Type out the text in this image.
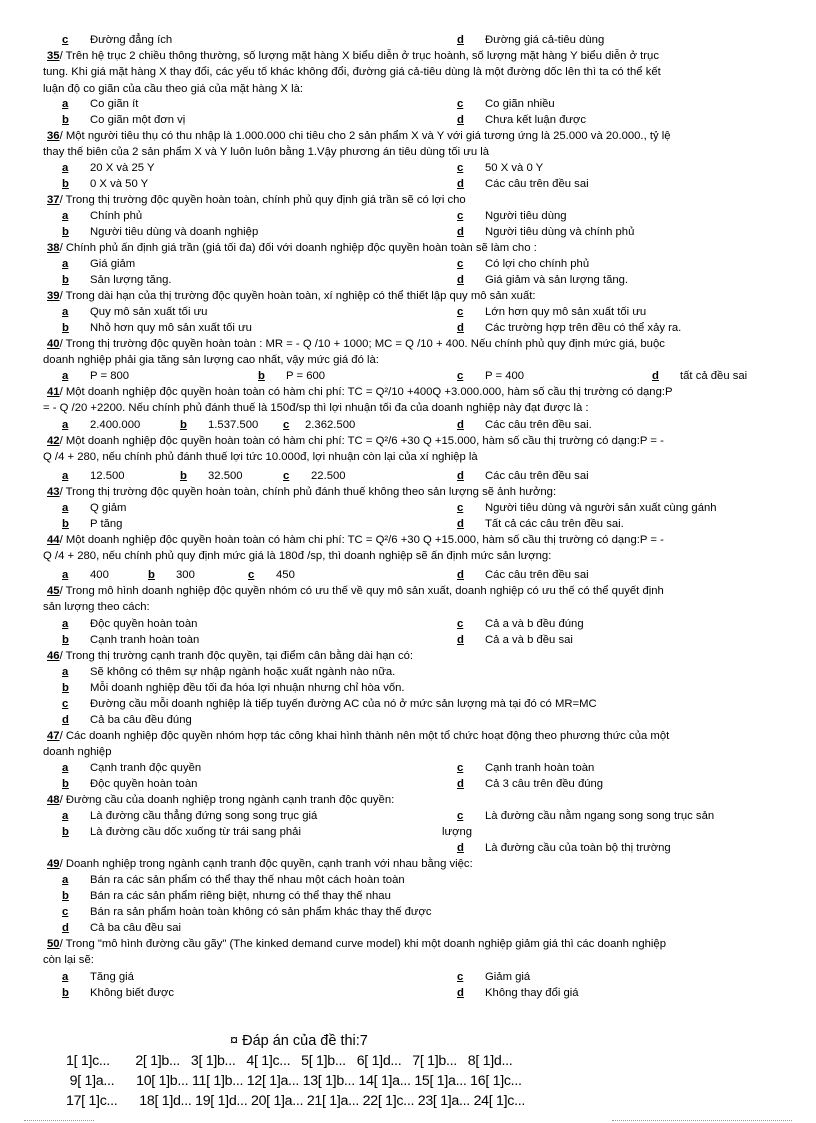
c Đường đẳng ích	d Đường giá cả-tiêu dùng
35/ Trên hệ trục 2 chiều thông thường, số lượng mặt hàng X biểu diễn ở trục hoành, số lượng mặt hàng Y biểu diễn ở trục
tung. Khi giá mặt hàng X thay đổi, các yếu tố khác không đổi, đường giá cả-tiêu dùng là một đường dốc lên thì ta có thể kết
luận độ co giãn của cầu theo giá của mặt hàng X là:
a Co giãn ít	c Co giãn nhiều
b Co giãn một đơn vị	d Chưa kết luận được
36/ Một người tiêu thụ có thu nhập là 1.000.000 chi tiêu cho 2 sản phẩm X và Y với giá tương ứng là 25.000 và 20.000., tỷ lệ
thay thế biên của 2 sản phẩm X và Y luôn luôn bằng 1.Vậy phương án tiêu dùng tối ưu là
a 20 X và 25 Y	c 50 X và 0 Y
b 0 X và 50 Y	d Các câu trên đều sai
37/ Trong thị trường độc quyền hoàn toàn, chính phủ quy định giá trần sẽ có lợi cho
a Chính phủ	c Người tiêu dùng
b Người tiêu dùng và doanh nghiệp	d Người tiêu dùng và chính phủ
38/ Chính phủ ấn định giá trần (giá tối đa) đối với doanh nghiệp độc quyền hoàn toàn sẽ làm cho :
a Giá giảm	c Có lợi cho chính phủ
b Sản lượng tăng.	d Giá giảm và sản lượng tăng.
39/ Trong dài hạn của thị trường độc quyền hoàn toàn, xí nghiệp có thể thiết lập quy mô sản xuất:
a Quy mô sản xuất tối ưu	c Lớn hơn quy mô sản xuất tối ưu
b Nhỏ hơn quy mô sản xuất tối ưu	d Các trường hợp trên đều có thể xảy ra.
40/ Trong thị trường độc quyền hoàn toàn : MR = - Q /10 + 1000; MC = Q /10 + 400. Nếu chính phủ quy định mức giá, buộc
doanh nghiệp phải gia tăng sản lượng cao nhất, vậy mức giá đó là:
a P = 800	b P = 600	c P = 400	d tất cả đều sai
41/ Một doanh nghiệp độc quyền hoàn toàn có hàm chi phí: TC = Q²/10 +400Q +3.000.000, hàm số cầu thị trường có dạng:P
= - Q /20 +2200. Nếu chính phủ đánh thuế là 150đ/sp thì lợi nhuận tối đa của doanh nghiệp này đạt được là :
a 2.400.000	b 1.537.500 c 2.362.500	d Các câu trên đều sai.
42/ Một doanh nghiệp độc quyền hoàn toàn có hàm chi phí: TC = Q²/6 +30 Q +15.000, hàm số cầu thị trường có dạng:P = -
Q /4 + 280, nếu chính phủ đánh thuế lợi tức 10.000đ, lợi nhuận còn lại của xí nghiệp là
a 12.500	b 32.500	c 22.500	d Các câu trên đều sai
43/ Trong thị trường độc quyền hoàn toàn, chính phủ đánh thuế không theo sản lượng sẽ ảnh hưởng:
a Q giảm	c Người tiêu dùng và người sản xuất cùng gánh
b P tăng	d Tất cả các câu trên đều sai.
44/ Một doanh nghiệp độc quyền hoàn toàn có hàm chi phí: TC = Q²/6 +30 Q +15.000, hàm số cầu thị trường có dạng:P = -
Q /4 + 280, nếu chính phủ quy định mức giá là 180đ /sp, thì doanh nghiệp sẽ ấn định mức sản lượng:
a 400	b 300	c 450	d Các câu trên đều sai
45/ Trong mô hình doanh nghiệp độc quyền nhóm có ưu thế về quy mô sản xuất, doanh nghiệp có ưu thế có thể quyết định
sản lượng theo cách:
a Độc quyền hoàn toàn	c Cả a và b đều đúng
b Cạnh tranh hoàn toàn	d Cả a và b đều sai
46/ Trong thị trường cạnh tranh độc quyền, tại điểm cân bằng dài hạn có:
a Sẽ không có thêm sự nhập ngành hoặc xuất ngành nào nữa.
b Mỗi doanh nghiệp đều tối đa hóa lợi nhuận nhưng chỉ hòa vốn.
c Đường cầu mỗi doanh nghiệp là tiếp tuyến đường AC của nó ở mức sản lượng mà tại đó có MR=MC
d Cả ba câu đều đúng
47/ Các doanh nghiệp độc quyền nhóm hợp tác công khai hình thành nên một tổ chức hoạt động theo phương thức của một
doanh nghiệp
a Cạnh tranh độc quyền	c Cạnh tranh hoàn toàn
b Độc quyền hoàn toàn	d Cả 3 câu trên đều đúng
48/ Đường cầu của doanh nghiệp trong ngành cạnh tranh độc quyền:
a Là đường cầu thẳng đứng song song trục giá	c Là đường cầu nằm ngang song song trục sản
b Là đường cầu dốc xuống từ trái sang phải	lượng
d Là đường cầu của toàn bộ thị trường
49/ Doanh nghiệp trong ngành cạnh tranh độc quyền, cạnh tranh với nhau bằng việc:
a Bán ra các sản phẩm có thể thay thế nhau một cách hoàn toàn
b Bán ra các sản phẩm riêng biệt, nhưng có thể thay thế nhau
c Bán ra sản phẩm hoàn toàn không có sản phẩm khác thay thế được
d Cả ba câu đều sai
50/ Trong "mô hình đường cầu gãy" (The kinked demand curve model) khi một doanh nghiệp giảm giá thì các doanh nghiệp
còn lại sẽ:
a Tăng giá	c Giảm giá
b Không biết được	d Không thay đổi giá
¤ Đáp án của đề thi:7
1[ 1]c...       2[ 1]b...   3[ 1]b...   4[ 1]c...   5[ 1]b...   6[ 1]d...   7[ 1]b...   8[ 1]d...
9[ 1]a...      10[ 1]b... 11[ 1]b... 12[ 1]a... 13[ 1]b... 14[ 1]a... 15[ 1]a... 16[ 1]c...
17[ 1]c...      18[ 1]d... 19[ 1]d... 20[ 1]a... 21[ 1]a... 22[ 1]c... 23[ 1]a... 24[ 1]c...
